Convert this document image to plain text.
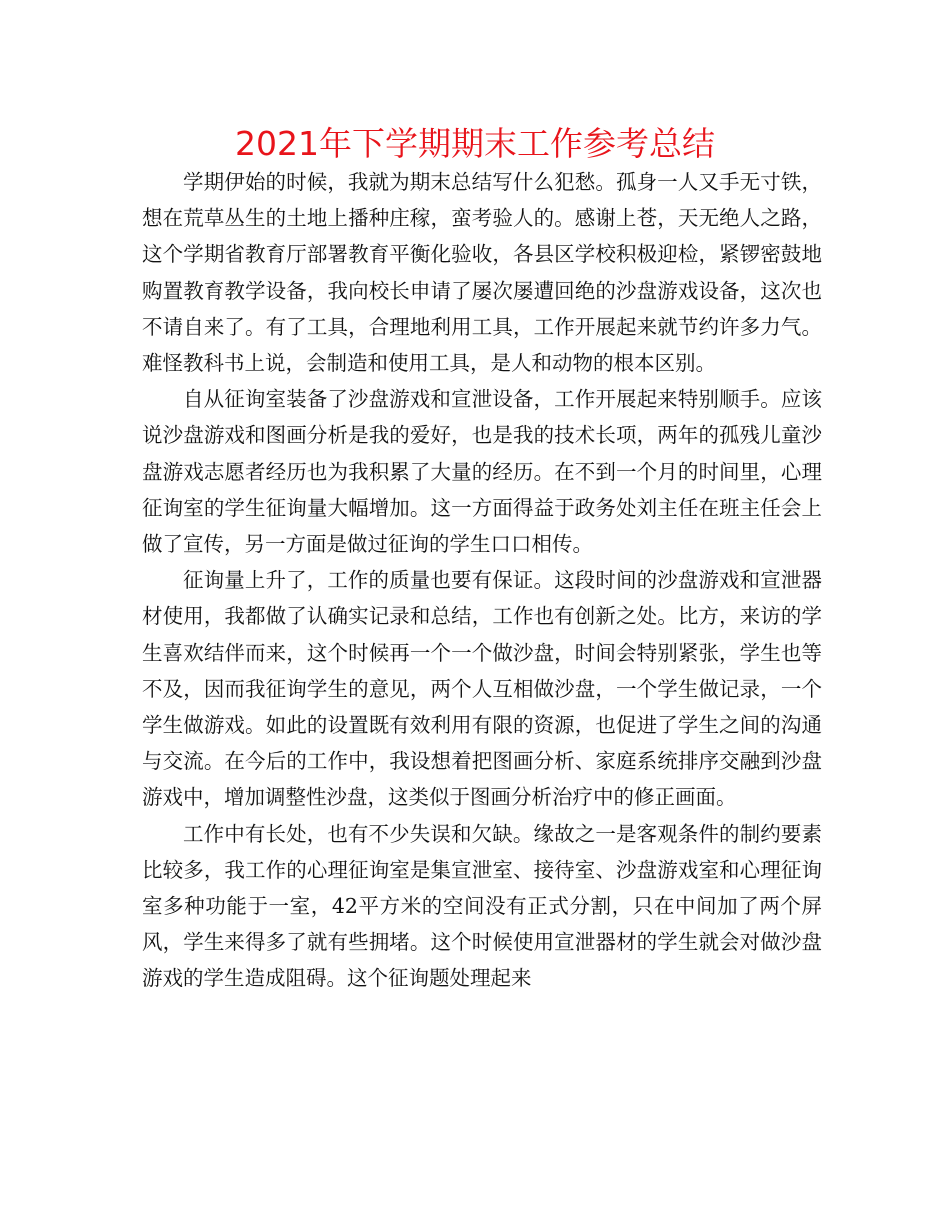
2021年下学期期末工作参考总结

学期伊始的时候，我就为期末总结写什么犯愁。孤身一人又手无寸铁，想在荒草丛生的土地上播种庄稼，蛮考验人的。感谢上苍，天无绝人之路，这个学期省教育厅部署教育平衡化验收，各县区学校积极迎检，紧锣密鼓地购置教育教学设备，我向校长申请了屡次屡遭回绝的沙盘游戏设备，这次也不请自来了。有了工具，合理地利用工具，工作开展起来就节约许多力气。难怪教科书上说，会制造和使用工具，是人和动物的根本区别。

自从征询室装备了沙盘游戏和宣泄设备，工作开展起来特别顺手。应该说沙盘游戏和图画分析是我的爱好，也是我的技术长项，两年的孤残儿童沙盘游戏志愿者经历也为我积累了大量的经历。在不到一个月的时间里，心理征询室的学生征询量大幅增加。这一方面得益于政务处刘主任在班主任会上做了宣传，另一方面是做过征询的学生口口相传。

征询量上升了，工作的质量也要有保证。这段时间的沙盘游戏和宣泄器材使用，我都做了认确实记录和总结，工作也有创新之处。比方，来访的学生喜欢结伴而来，这个时候再一个一个做沙盘，时间会特别紧张，学生也等不及，因而我征询学生的意见，两个人互相做沙盘，一个学生做记录，一个学生做游戏。如此的设置既有效利用有限的资源，也促进了学生之间的沟通与交流。在今后的工作中，我设想着把图画分析、家庭系统排序交融到沙盘游戏中，增加调整性沙盘，这类似于图画分析治疗中的修正画面。

工作中有长处，也有不少失误和欠缺。缘故之一是客观条件的制约要素比较多，我工作的心理征询室是集宣泄室、接待室、沙盘游戏室和心理征询室多种功能于一室，42平方米的空间没有正式分割，只在中间加了两个屏风，学生来得多了就有些拥堵。这个时候使用宣泄器材的学生就会对做沙盘游戏的学生造成阻碍。这个征询题处理起来
